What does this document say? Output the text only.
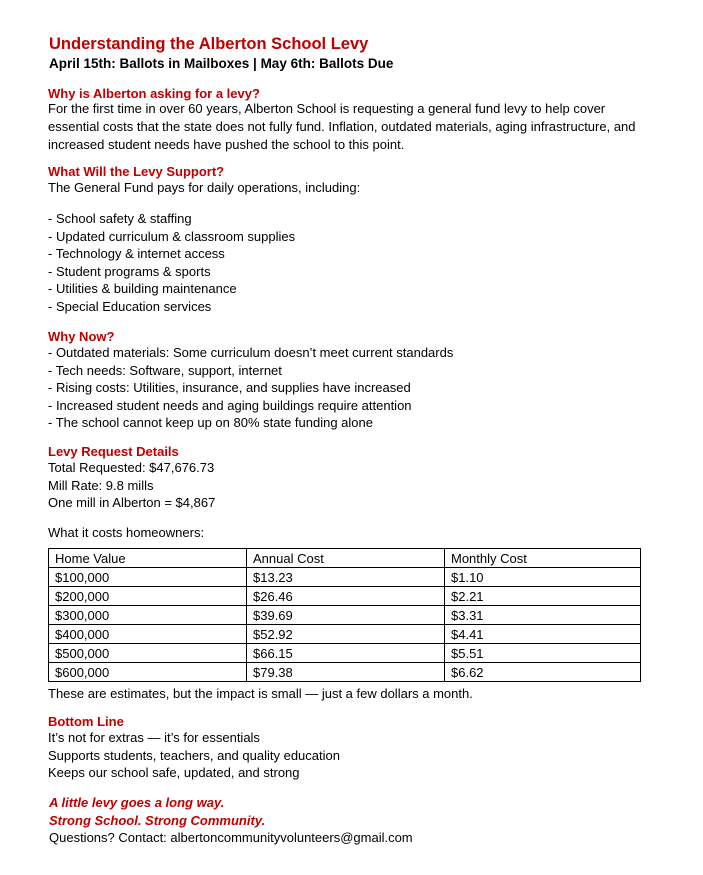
Understanding the Alberton School Levy
April 15th: Ballots in Mailboxes | May 6th: Ballots Due
Why is Alberton asking for a levy?
For the first time in over 60 years, Alberton School is requesting a general fund levy to help cover
essential costs that the state does not fully fund. Inflation, outdated materials, aging infrastructure, and
increased student needs have pushed the school to this point.
What Will the Levy Support?
The General Fund pays for daily operations, including:
- School safety & staffing
- Updated curriculum & classroom supplies
- Technology & internet access
- Student programs & sports
- Utilities & building maintenance
- Special Education services
Why Now?
- Outdated materials: Some curriculum doesn’t meet current standards
- Tech needs: Software, support, internet
- Rising costs: Utilities, insurance, and supplies have increased
- Increased student needs and aging buildings require attention
- The school cannot keep up on 80% state funding alone
Levy Request Details
Total Requested: $47,676.73
Mill Rate: 9.8 mills
One mill in Alberton = $4,867
What it costs homeowners:
Home Value	Annual Cost	Monthly Cost
$100,000	$13.23	$1.10
$200,000	$26.46	$2.21
$300,000	$39.69	$3.31
$400,000	$52.92	$4.41
$500,000	$66.15	$5.51
$600,000	$79.38	$6.62
These are estimates, but the impact is small — just a few dollars a month.
Bottom Line
It’s not for extras — it’s for essentials
Supports students, teachers, and quality education
Keeps our school safe, updated, and strong
A little levy goes a long way.
Strong School. Strong Community.
Questions? Contact: albertoncommunityvolunteers@gmail.com
